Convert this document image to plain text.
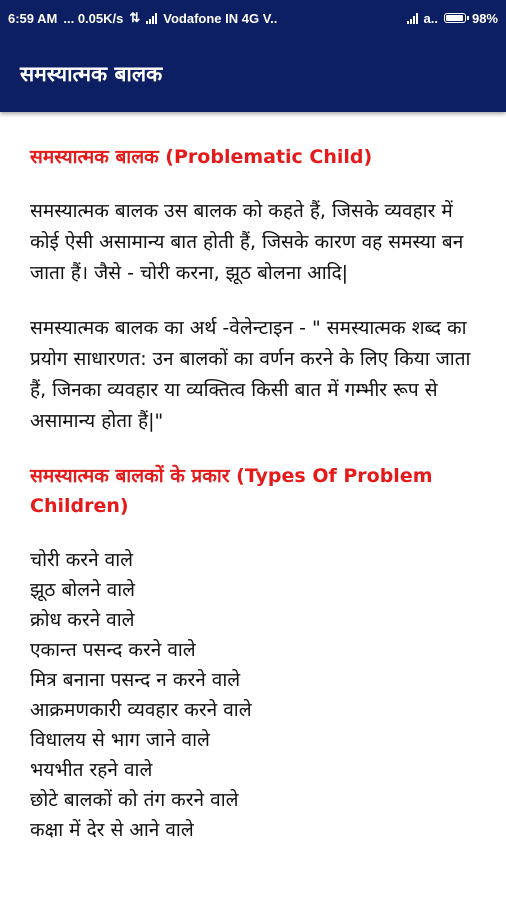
6:59 AM ... 0.05K/s ⇅ Vodafone IN 4G V..	a..	98%
समस्यात्मक बालक

समस्यात्मक बालक (Problematic Child)

समस्यात्मक बालक उस बालक को कहते हैं, जिसके व्यवहार में कोई ऐसी असामान्य बात होती हैं, जिसके कारण वह समस्या बन जाता हैं। जैसे - चोरी करना, झूठ बोलना आदि|

समस्यात्मक बालक का अर्थ -वेलेन्टाइन - " समस्यात्मक शब्द का प्रयोग साधारणत: उन बालकों का वर्णन करने के लिए किया जाता हैं, जिनका व्यवहार या व्यक्तित्व किसी बात में गम्भीर रूप से असामान्य होता हैं|"

समस्यात्मक बालकों के प्रकार (Types Of Problem Children)

चोरी करने वाले
झूठ बोलने वाले
क्रोध करने वाले
एकान्त पसन्द करने वाले
मित्र बनाना पसन्द न करने वाले
आक्रमणकारी व्यवहार करने वाले
विधालय से भाग जाने वाले
भयभीत रहने वाले
छोटे बालकों को तंग करने वाले
कक्षा में देर से आने वाले
